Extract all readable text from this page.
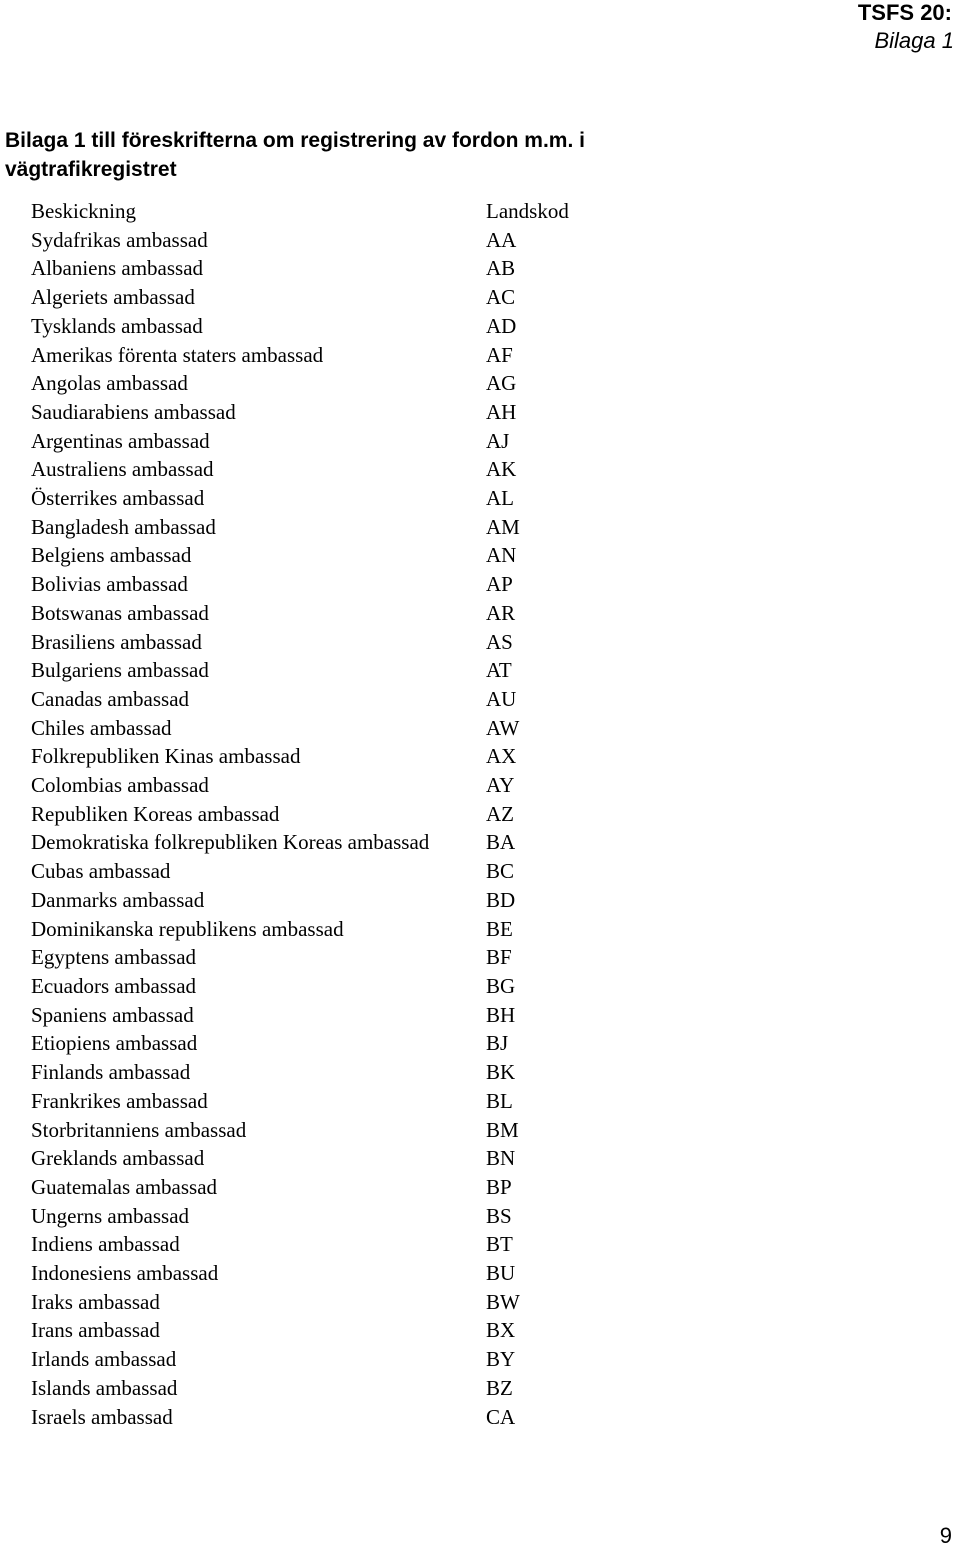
TSFS 20:
Bilaga 1
Bilaga 1 till föreskrifterna om registrering av fordon m.m. i vägtrafikregistret
Beskickning	Landskod
Sydafrikas ambassad	AA
Albaniens ambassad	AB
Algeriets ambassad	AC
Tysklands ambassad	AD
Amerikas förenta staters ambassad	AF
Angolas ambassad	AG
Saudiarabiens ambassad	AH
Argentinas ambassad	AJ
Australiens ambassad	AK
Österrikes ambassad	AL
Bangladesh ambassad	AM
Belgiens ambassad	AN
Bolivias ambassad	AP
Botswanas ambassad	AR
Brasiliens ambassad	AS
Bulgariens ambassad	AT
Canadas ambassad	AU
Chiles ambassad	AW
Folkrepubliken Kinas ambassad	AX
Colombias ambassad	AY
Republiken Koreas ambassad	AZ
Demokratiska folkrepubliken Koreas ambassad	BA
Cubas ambassad	BC
Danmarks ambassad	BD
Dominikanska republikens ambassad	BE
Egyptens ambassad	BF
Ecuadors ambassad	BG
Spaniens ambassad	BH
Etiopiens ambassad	BJ
Finlands ambassad	BK
Frankrikes ambassad	BL
Storbritanniens ambassad	BM
Greklands ambassad	BN
Guatemalas ambassad	BP
Ungerns ambassad	BS
Indiens ambassad	BT
Indonesiens ambassad	BU
Iraks ambassad	BW
Irans ambassad	BX
Irlands ambassad	BY
Islands ambassad	BZ
Israels ambassad	CA
9
